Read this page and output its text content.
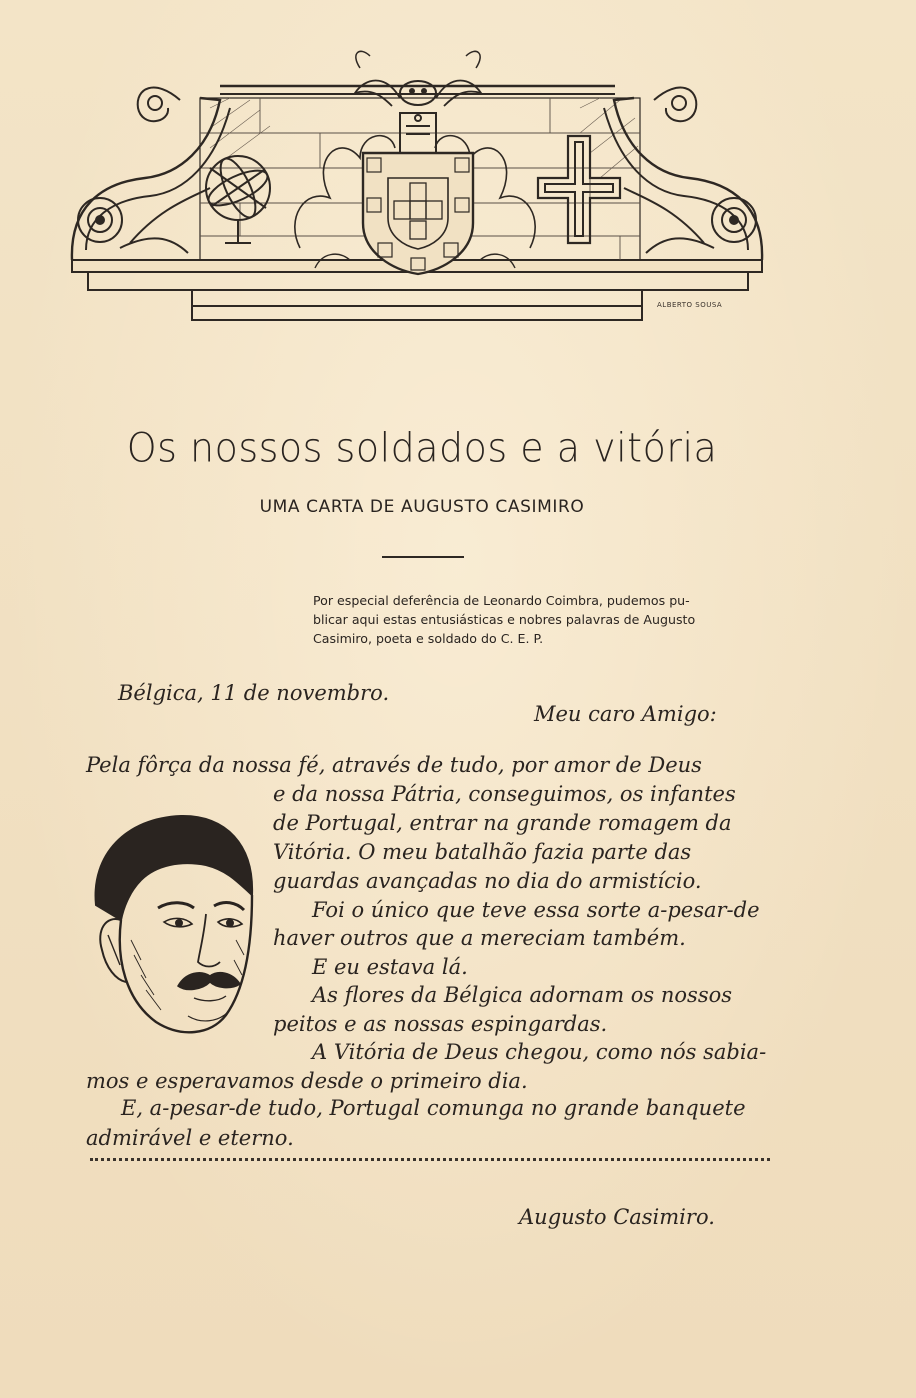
ALBERTO SOUSA

Os nossos soldados e a vitória
UMA CARTA DE AUGUSTO CASIMIRO
Por especial deferência de Leonardo Coimbra, pudemos pu-
blicar aqui estas entusiásticas e nobres palavras de Augusto
Casimiro, poeta e soldado do C. E. P.
Bélgica, 11 de novembro.
Meu caro Amigo:
Pela fôrça da nossa fé, através de tudo, por amor de Deus
e da nossa Pátria, conseguimos, os infantes
de Portugal, entrar na grande romagem da
Vitória. O meu batalhão fazia parte das
guardas avançadas no dia do armistício.
Foi o único que teve essa sorte a-pesar-de
haver outros que a mereciam também.
E eu estava lá.
As flores da Bélgica adornam os nossos
peitos e as nossas espingardas.
A Vitória de Deus chegou, como nós sabia-
mos e esperavamos desde o primeiro dia.
E, a-pesar-de tudo, Portugal comunga no grande banquete
admirável e eterno.
Augusto Casimiro.
